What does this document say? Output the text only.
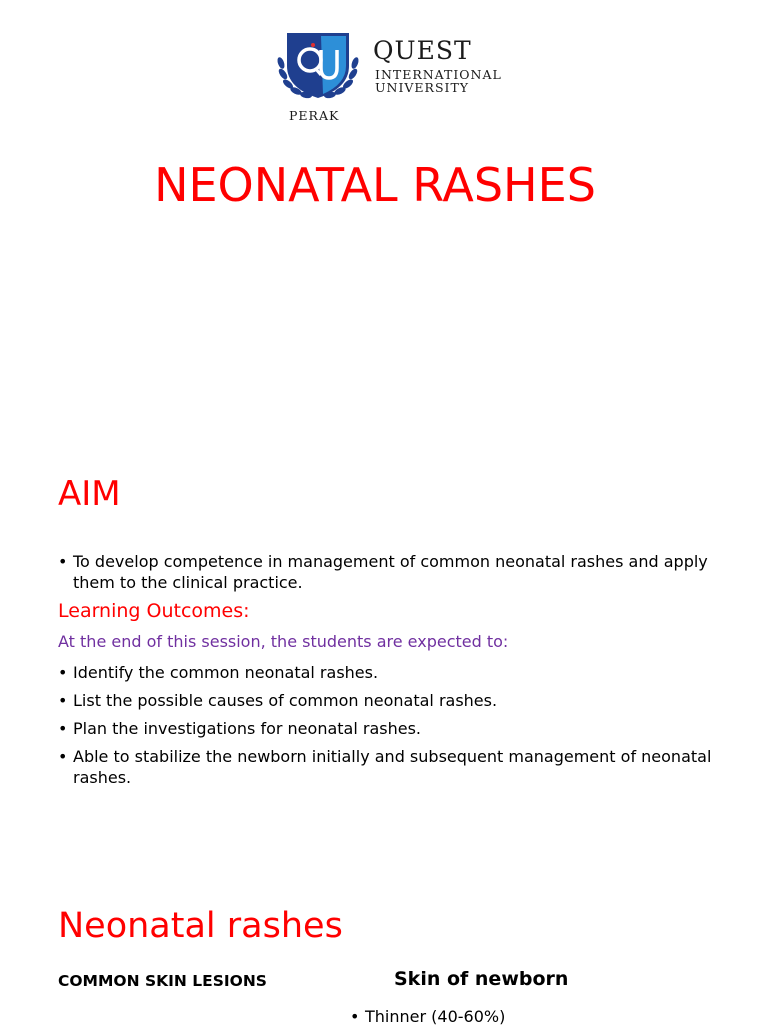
QUEST
INTERNATIONAL
UNIVERSITY
PERAK
NEONATAL RASHES
AIM
• To develop competence in management of common neonatal rashes and apply them to the clinical practice.
Learning Outcomes:
At the end of this session, the students are expected to:
• Identify the common neonatal rashes.
• List the possible causes of common neonatal rashes.
• Plan the investigations for neonatal rashes.
• Able to stabilize the newborn initially and subsequent management of neonatal rashes.
Neonatal rashes
COMMON SKIN LESIONS	Skin of newborn
• Thinner (40-60%)
